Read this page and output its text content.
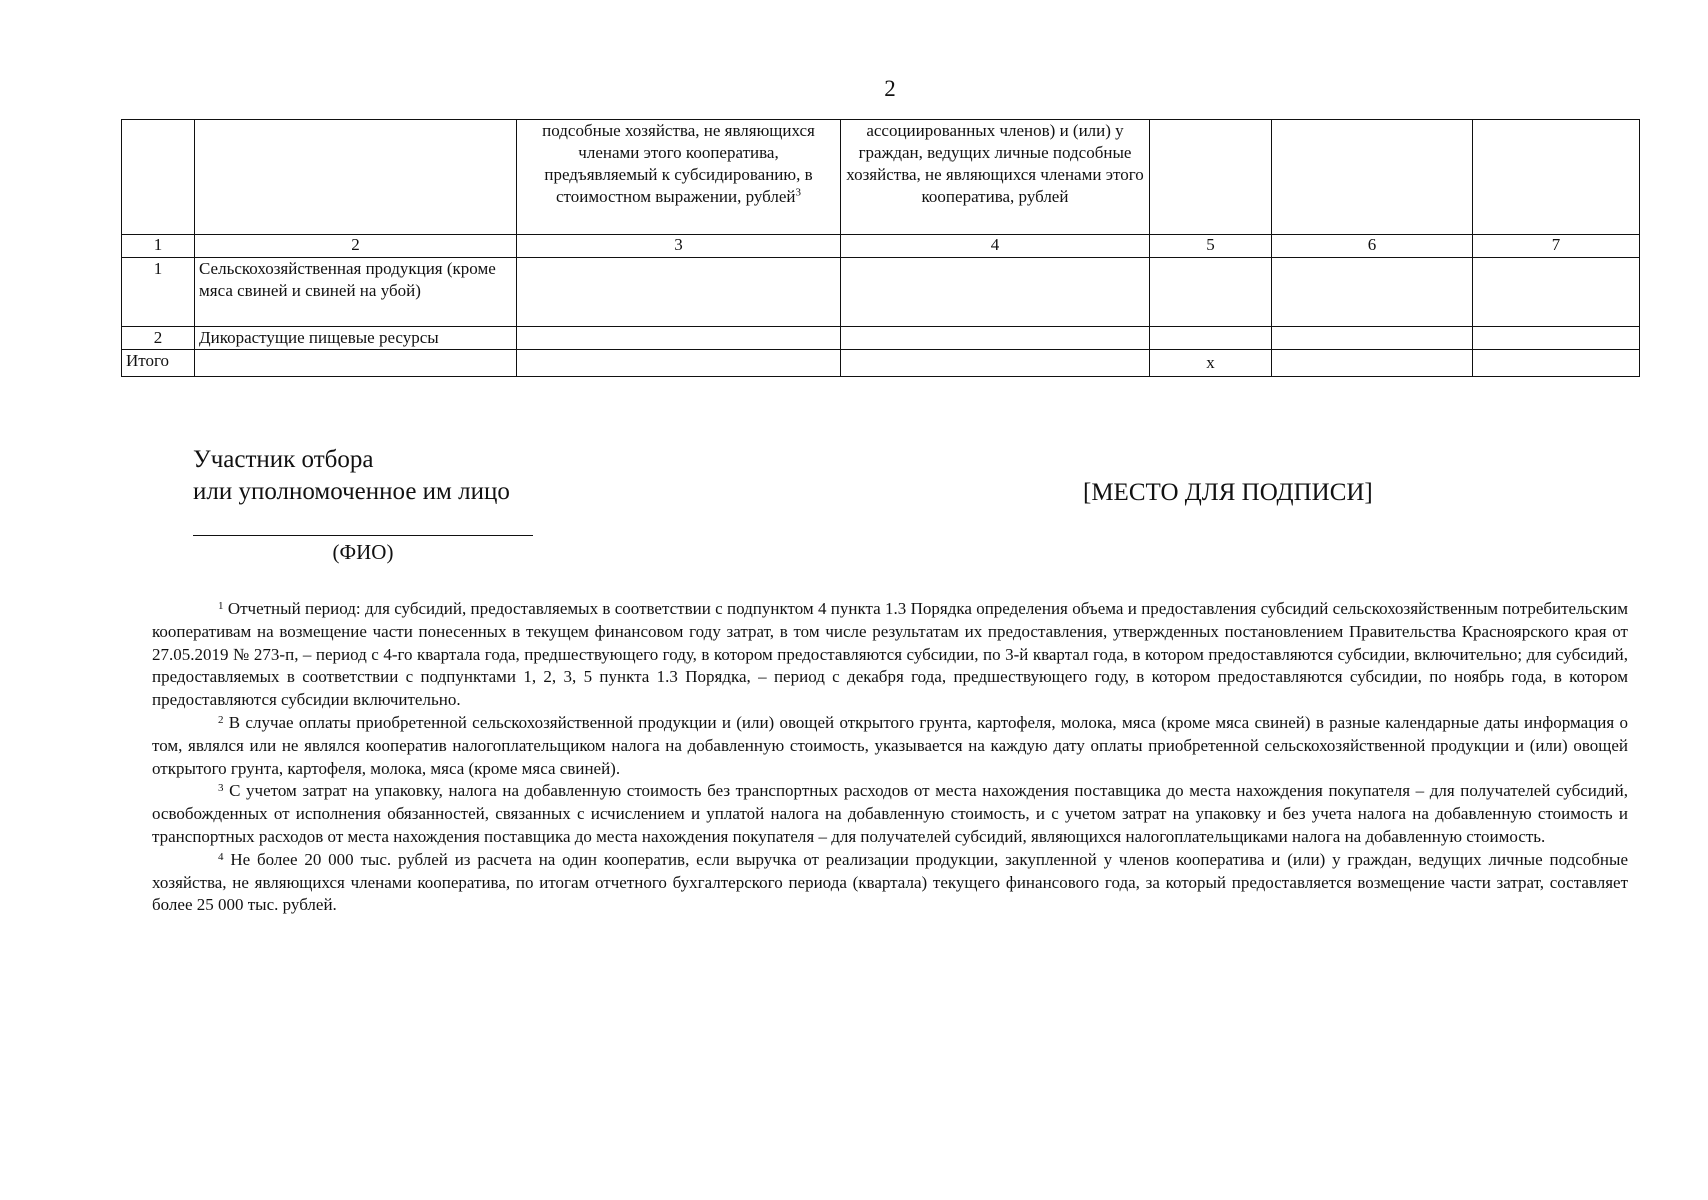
2
		подсобные хозяйства, не являющихся членами этого кооператива, предъявляемый к субсидированию, в стоимостном выражении, рублей$^3$	ассоциированных членов) и (или) у граждан, ведущих личные подсобные хозяйства, не являющихся членами этого кооператива, рублей			
1	2	3	4	5	6	7
1	Сельскохозяйственная продукция (кроме мяса свиней и свиней на убой)					
2	Дикорастущие пищевые ресурсы					
Итого				х		
Участник отбора
или уполномоченное им лицо	[МЕСТО ДЛЯ ПОДПИСИ]
(ФИО)

$^1$ Отчетный период: для субсидий, предоставляемых в соответствии с подпунктом 4 пункта 1.3 Порядка определения объема и предоставления субсидий сельскохозяйственным потребительским кооперативам на возмещение части понесенных в текущем финансовом году затрат, в том числе результатам их предоставления, утвержденных постановлением Правительства Красноярского края от 27.05.2019 № 273-п, – период с 4-го квартала года, предшествующего году, в котором предоставляются субсидии, по 3-й квартал года, в котором предоставляются субсидии, включительно; для субсидий, предоставляемых в соответствии с подпунктами 1, 2, 3, 5 пункта 1.3 Порядка, – период с декабря года, предшествующего году, в котором предоставляются субсидии, по ноябрь года, в котором предоставляются субсидии включительно.

$^2$ В случае оплаты приобретенной сельскохозяйственной продукции и (или) овощей открытого грунта, картофеля, молока, мяса (кроме мяса свиней) в разные календарные даты информация о том, являлся или не являлся кооператив налогоплательщиком налога на добавленную стоимость, указывается на каждую дату оплаты приобретенной сельскохозяйственной продукции и (или) овощей открытого грунта, картофеля, молока, мяса (кроме мяса свиней).

$^3$ С учетом затрат на упаковку, налога на добавленную стоимость без транспортных расходов от места нахождения поставщика до места нахождения покупателя – для получателей субсидий, освобожденных от исполнения обязанностей, связанных с исчислением и уплатой налога на добавленную стоимость, и с учетом затрат на упаковку и без учета налога на добавленную стоимость и транспортных расходов от места нахождения поставщика до места нахождения покупателя – для получателей субсидий, являющихся налогоплательщиками налога на добавленную стоимость.

$^4$ Не более 20 000 тыс. рублей из расчета на один кооператив, если выручка от реализации продукции, закупленной у членов кооператива и (или) у граждан, ведущих личные подсобные хозяйства, не являющихся членами кооператива, по итогам отчетного бухгалтерского периода (квартала) текущего финансового года, за который предоставляется возмещение части затрат, составляет более 25 000 тыс. рублей.
